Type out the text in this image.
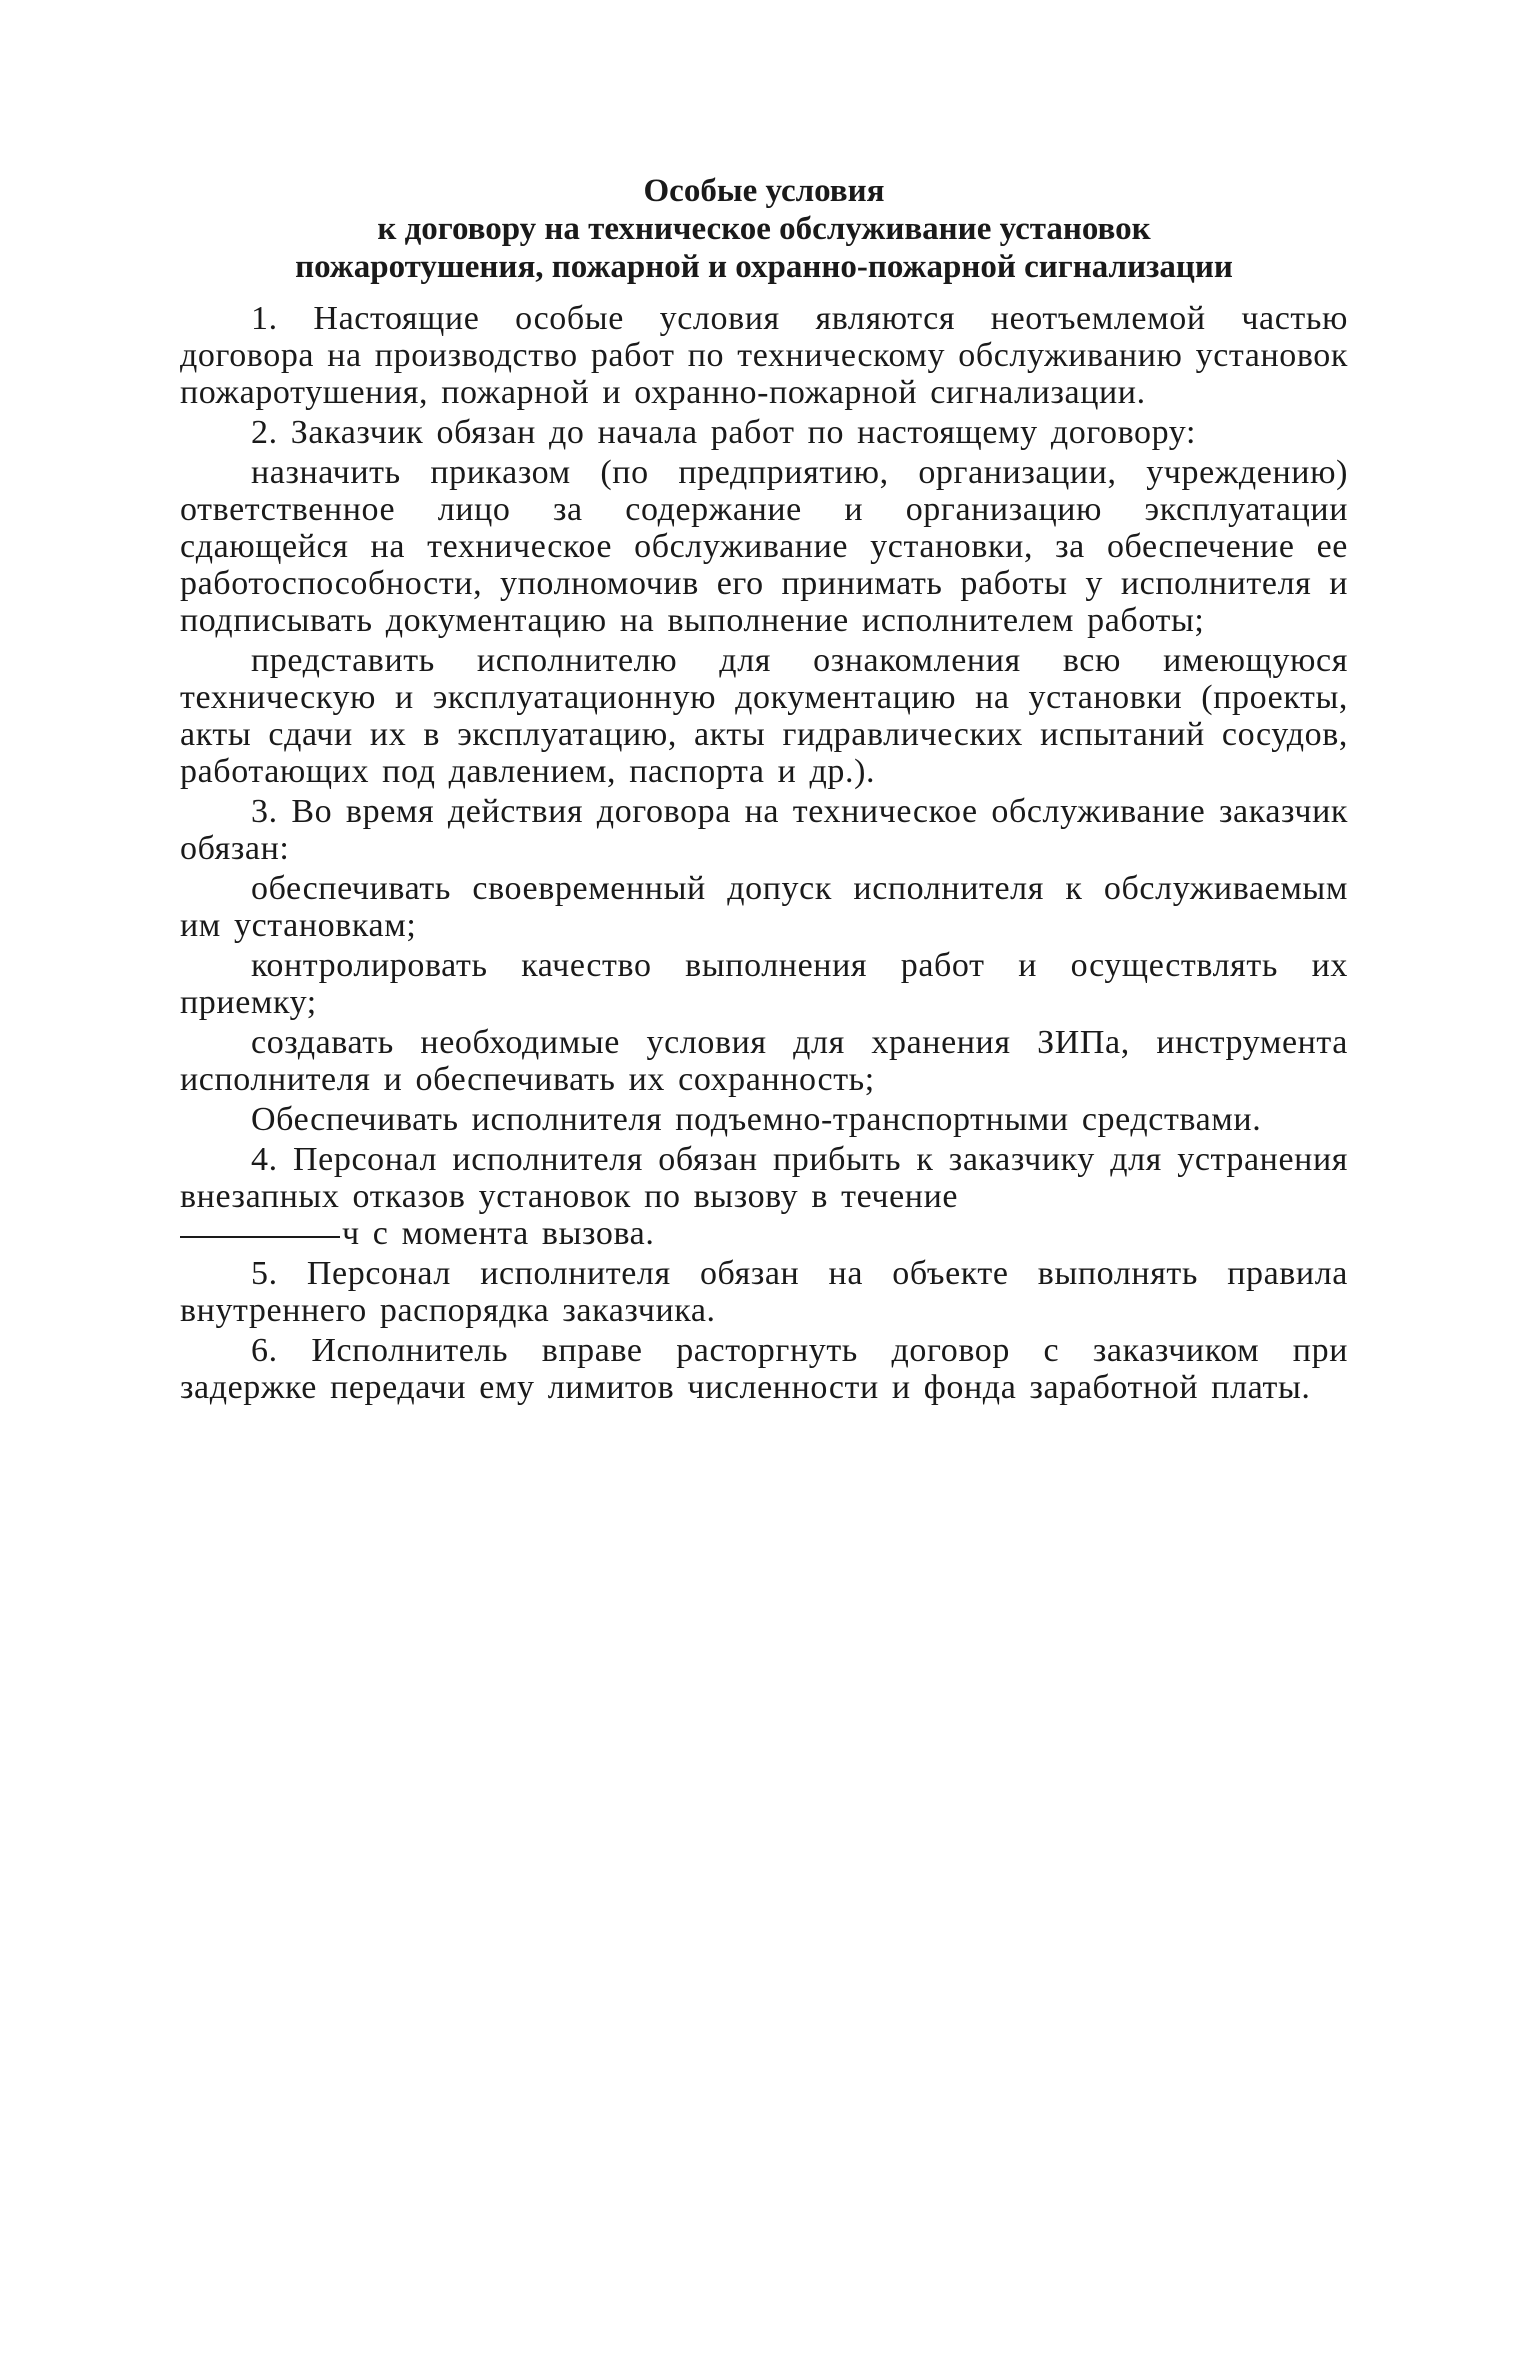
Особые условия
к договору на техническое обслуживание установок
пожаротушения, пожарной и охранно-пожарной сигнализации

1. Настоящие особые условия являются неотъемлемой частью договора на производство работ по техническому обслуживанию установок пожаротушения, пожарной и охранно-пожарной сигнализации.

2. Заказчик обязан до начала работ по настоящему договору:

назначить приказом (по предприятию, организации, учреждению) ответственное лицо за содержание и организацию эксплуатации сдающейся на техническое обслуживание установки, за обеспечение ее работоспособности, уполномочив его принимать работы у исполнителя и подписывать документацию на выполнение исполнителем работы;

представить исполнителю для ознакомления всю имеющуюся техническую и эксплуатационную документацию на установки (проекты, акты сдачи их в эксплуатацию, акты гидравлических испытаний сосудов, работающих под давлением, паспорта и др.).

3. Во время действия договора на техническое обслуживание заказчик обязан:

обеспечивать своевременный допуск исполнителя к обслуживаемым им установкам;

контролировать качество выполнения работ и осуществлять их приемку;

создавать необходимые условия для хранения ЗИПа, инструмента исполнителя и обеспечивать их сохранность;

Обеспечивать исполнителя подъемно-транспортными средствами.

4. Персонал исполнителя обязан прибыть к заказчику для устранения внезапных отказов установок по вызову в течение

ч с момента вызова.

5. Персонал исполнителя обязан на объекте выполнять правила внутреннего распорядка заказчика.

6. Исполнитель вправе расторгнуть договор с заказчиком при задержке передачи ему лимитов численности и фонда заработной платы.
